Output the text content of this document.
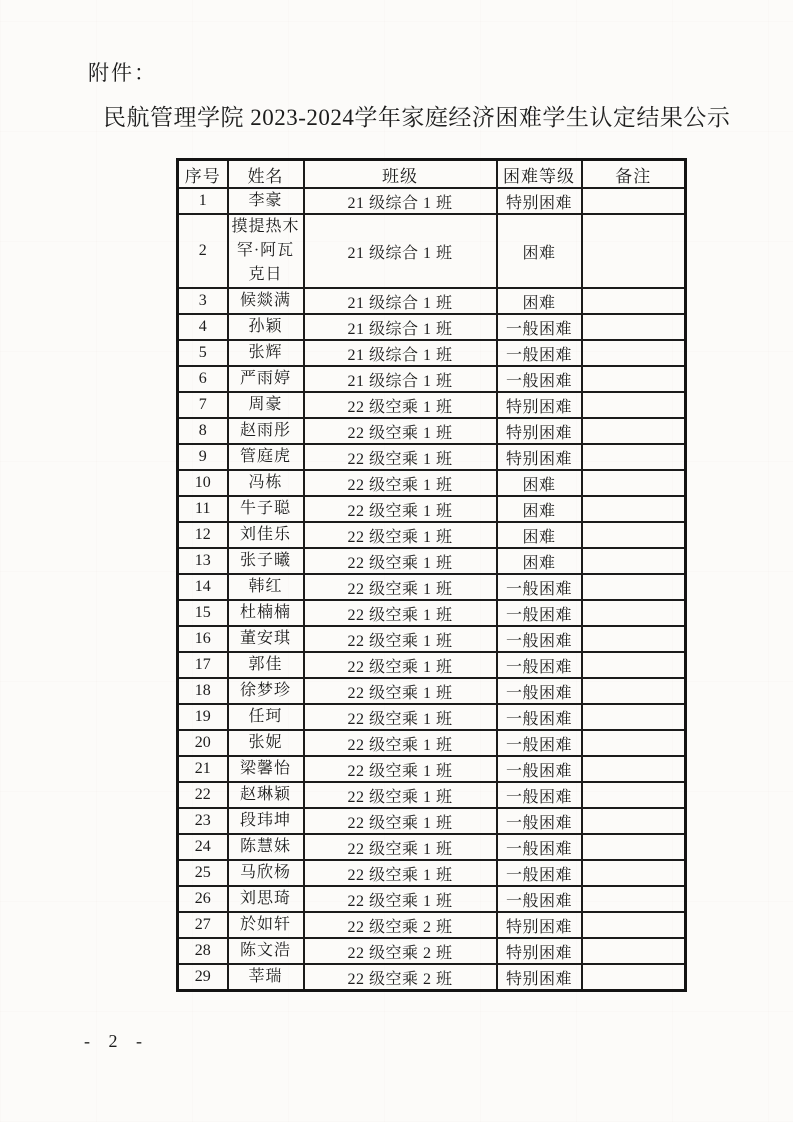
附件：
民航管理学院 2023-2024学年家庭经济困难学生认定结果公示
序号	姓名	班级	困难等级	备注
1	李豪	21 级综合 1 班	特别困难	
2	摸提热木罕·阿瓦克日	21 级综合 1 班	困难	
3	候燚满	21 级综合 1 班	困难	
4	孙颖	21 级综合 1 班	一般困难	
5	张辉	21 级综合 1 班	一般困难	
6	严雨婷	21 级综合 1 班	一般困难	
7	周豪	22 级空乘 1 班	特别困难	
8	赵雨彤	22 级空乘 1 班	特别困难	
9	管庭虎	22 级空乘 1 班	特别困难	
10	冯栋	22 级空乘 1 班	困难	
11	牛子聪	22 级空乘 1 班	困难	
12	刘佳乐	22 级空乘 1 班	困难	
13	张子曦	22 级空乘 1 班	困难	
14	韩红	22 级空乘 1 班	一般困难	
15	杜楠楠	22 级空乘 1 班	一般困难	
16	董安琪	22 级空乘 1 班	一般困难	
17	郭佳	22 级空乘 1 班	一般困难	
18	徐梦珍	22 级空乘 1 班	一般困难	
19	任珂	22 级空乘 1 班	一般困难	
20	张妮	22 级空乘 1 班	一般困难	
21	梁馨怡	22 级空乘 1 班	一般困难	
22	赵琳颖	22 级空乘 1 班	一般困难	
23	段玮坤	22 级空乘 1 班	一般困难	
24	陈慧妹	22 级空乘 1 班	一般困难	
25	马欣杨	22 级空乘 1 班	一般困难	
26	刘思琦	22 级空乘 1 班	一般困难	
27	於如轩	22 级空乘 2 班	特别困难	
28	陈文浩	22 级空乘 2 班	特别困难	
29	莘瑞	22 级空乘 2 班	特别困难	
- 2 -
